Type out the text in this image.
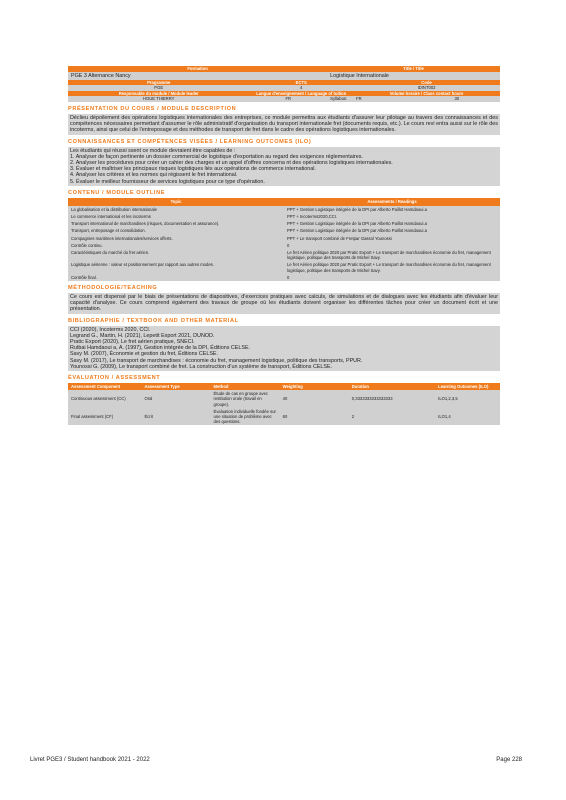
Formation		Title / Title		
PGE 3 Alternance Nancy		Logistique Internationale		
Programme	ECTS		Code	
PGE	4		IDINT002	
Responsable du module / Module leader	Langue d'enseignement / Language of tuition		Volume horaire / Class contact hours	
HOUE THIERRY	FR	Syllabus:	FR	30
PRÉSENTATION DU COURS / MODULE DESCRIPTION

Déclieu dépoilement des opérations logistiques internationales des entreprises, ce module permettra aux étudiants d'assurer leur pilotage au travers des connaissances et des compétences nécessaires permettant d'assumer le rôle administratif d'organisation du transport internationale fret (documents requis, etc.). Le cours revi entra aussi sur le rôle des incoterms, ainsi que celui de l'entreposage et des méthodes de transport de fret dans le cadre des opérations logistiques internationales.

CONNAISSANCES ET COMPÉTENCES VISÉES / LEARNING OUTCOMES (ILO)

Les étudiants qui réussi ssent ce module devraient être capables de :

1. Analyser de façon pertinente un dossier commercial de logistique d'exportation au regard des exigences réglementaires.

2. Analyser les procédures pour créer un cahier des charges et un appel d'offres concerna nt des opérations logistiques internationales.

3. Évaluer et maîtriser les principaux risques logistiques liés aux opérations de commerce international.

4. Analyser les critères et les normes qui régissent le fret international.

5. Évaluer le meilleur fournisseur de services logistiques pour ce type d'opération.

CONTENU / MODULE OUTLINE
Topic	Assessments / Readings
La globalisation et la distribution internationale	PPT + Gestion Logistique intégrée de la DPI par Alberto Paillot Hamdaoui.a
Le commerce international et les incoterms	PPT + Incoterms2020,CCI.
Transport international de marchandises (risques, documentation et assurance).	PPT + Gestion Logistique intégrée de la DPI par Alberto Paillot Hamdaoui.a
Transport, entreposage et consolidation.	PPT + Gestion Logistique intégrée de la DPI par Alberto Paillot Hamdaoui.a
Compagnies maritimes internationales/services offerts.	PPT + Le transport combiné de Fretpar Gassol Younossi
Contrôle continu.	0
Caractéristiques du marché du fret aérien.	Le fret Aérien politique 2020 par Pratic Export + Le transport de marchandises économie du fret, management logistique, politique des transports de Michel Savy.
Logistique aérienne : valeur et positionnement par rapport aux autres modes.	Le fret Aérien politique 2020 par Pratic Export + Le transport de marchandises économie du fret, management logistique, politique des transports de Michel Savy.
Contrôle final.	0
MÉTHODOLOGIE/TEACHING

Ce cours est dispensé par le biais de présentations de diapositives, d'exercices pratiques avec calculs, de simulations et de dialogues avec les étudiants afin d'évaluer leur capacité d'analyse. Ce cours comprend également des travaux de groupe où les étudiants doivent organiser les différentes tâches pour créer un document écrit et une présentation.

BIBLIOGRAPHIE / TEXTBOOK AND OTHER MATERIAL

CCI (2020), Incoterms 2020, CCI.

Legrand G., Martin, H. (2021), Lepetit Export 2021, DUNOD.

Pratic Export (2020), Le fret aérien pratique, SNECI.

Rutbai Hamdaoui a, A. (1997), Gestion intégrée de la DPI, Éditions CELSE.

Savy M. (2007), Économie et gestion du fret, Éditions CELSE.

Savy M. (2017), Le transport de marchandises : économie du fret, management logistique, politique des transports, PPUR.

Younossi G. (2009), Le transport combiné de fret. La construction d'un système de transport, Éditions CELSE.

ÉVALUATION / ASSESSMENT
Assessment Component	Assessment Type	Method	Weighting	Duration	Learning Outcomes (ILO)
Continuous assessment (CC)	Oral	Étude de cas en groupe avec restitution orale (travail en groupe).	40	0,3333333333333333	ILO1,2,3,5
Final assessment (CF)	Écrit	Évaluation individuelle fondée sur une situation de problème avec des questions.	60	2	ILO1,4
Livret PGE3 / Student handbook 2021 - 2022	Page 228
